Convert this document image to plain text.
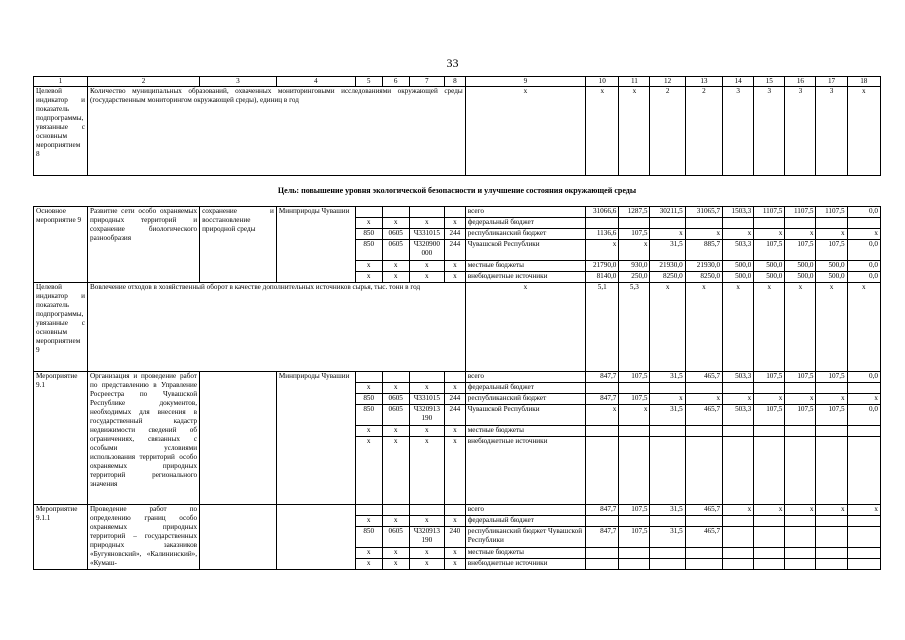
33
1	2	3	4	5	6	7	8	9	10	11	12	13	14	15	16	17	18
Целевой индикатор и показатель подпрограммы, увязанные с основным мероприятием 8	Количество муниципальных образований, охваченных мониторинговыми исследованиями окружающей среды (государственным мониторингом окружающей среды), единиц в год							х	х	х	2	2	3	3	3	3	х
Цель: повышение уровня экологической безопасности и улучшение состояния окружающей среды
Основное мероприятие 9	Развитие сети особо охраняемых природных территорий и сохранение биологического разнообразия	сохранение и восстановление природной среды	Минприроды Чувашии					всего	31066,6	1287,5	30211,5	31065,7	1503,3	1107,5	1107,5	1107,5	0,0
				х	х	х	х	федеральный бюджет									
				850	0605	Ч331015	244	республиканский бюджет	1136,6	107,5	х	х	х	х	х	х	х
				850	0605	Ч320900 000	244	Чувашской Республики	х	х	31,5	885,7	503,3	107,5	107,5	107,5	0,0
				х	х	х	х	местные бюджеты	21790,0	930,0	21930,0	21930,0	500,0	500,0	500,0	500,0	0,0
				х	х	х	х	внебюджетные источники	8140,0	250,0	8250,0	8250,0	500,0	500,0	500,0	500,0	0,0
Целевой индикатор и показатель подпрограммы, увязанные с основным мероприятием 9	Вовлечение отходов в хозяйственный оборот в качестве дополнительных источников сырья, тыс. тонн в год							х	5,1	5,3	х	х	х	х	х	х	х
Мероприятие 9.1	Организация и проведение работ по представлению в Управление Росреестра по Чувашской Республике документов, необходимых для внесения в государственный кадастр недвижимости сведений об ограничениях, связанных с особыми условиями использования территорий особо охраняемых природных территорий регионального значения		Минприроды Чувашии					всего	847,7	107,5	31,5	465,7	503,3	107,5	107,5	107,5	0,0
				х	х	х	х	федеральный бюджет									
				850	0605	Ч331015	244	республиканский бюджет	847,7	107,5	х	х	х	х	х	х	х
				850	0605	Ч320913 190	244	Чувашской Республики	х	х	31,5	465,7	503,3	107,5	107,5	107,5	0,0
				х	х	х	х	местные бюджеты									
				х	х	х	х	внебюджетные источники									
Мероприятие 9.1.1	Проведение работ по определению границ особо охраняемых природных территорий – государственных природных заказников «Бугуяновский», «Калининский», «Кумаш-							всего	847,7	107,5	31,5	465,7	х	х	х	х	х
				х	х	х	х	федеральный бюджет									
				850	0605	Ч320913 190	240	республиканский бюджет Чувашской Республики	847,7	107,5	31,5	465,7					
				х	х	х	х	местные бюджеты									
				х	х	х	х	внебюджетные источники									
